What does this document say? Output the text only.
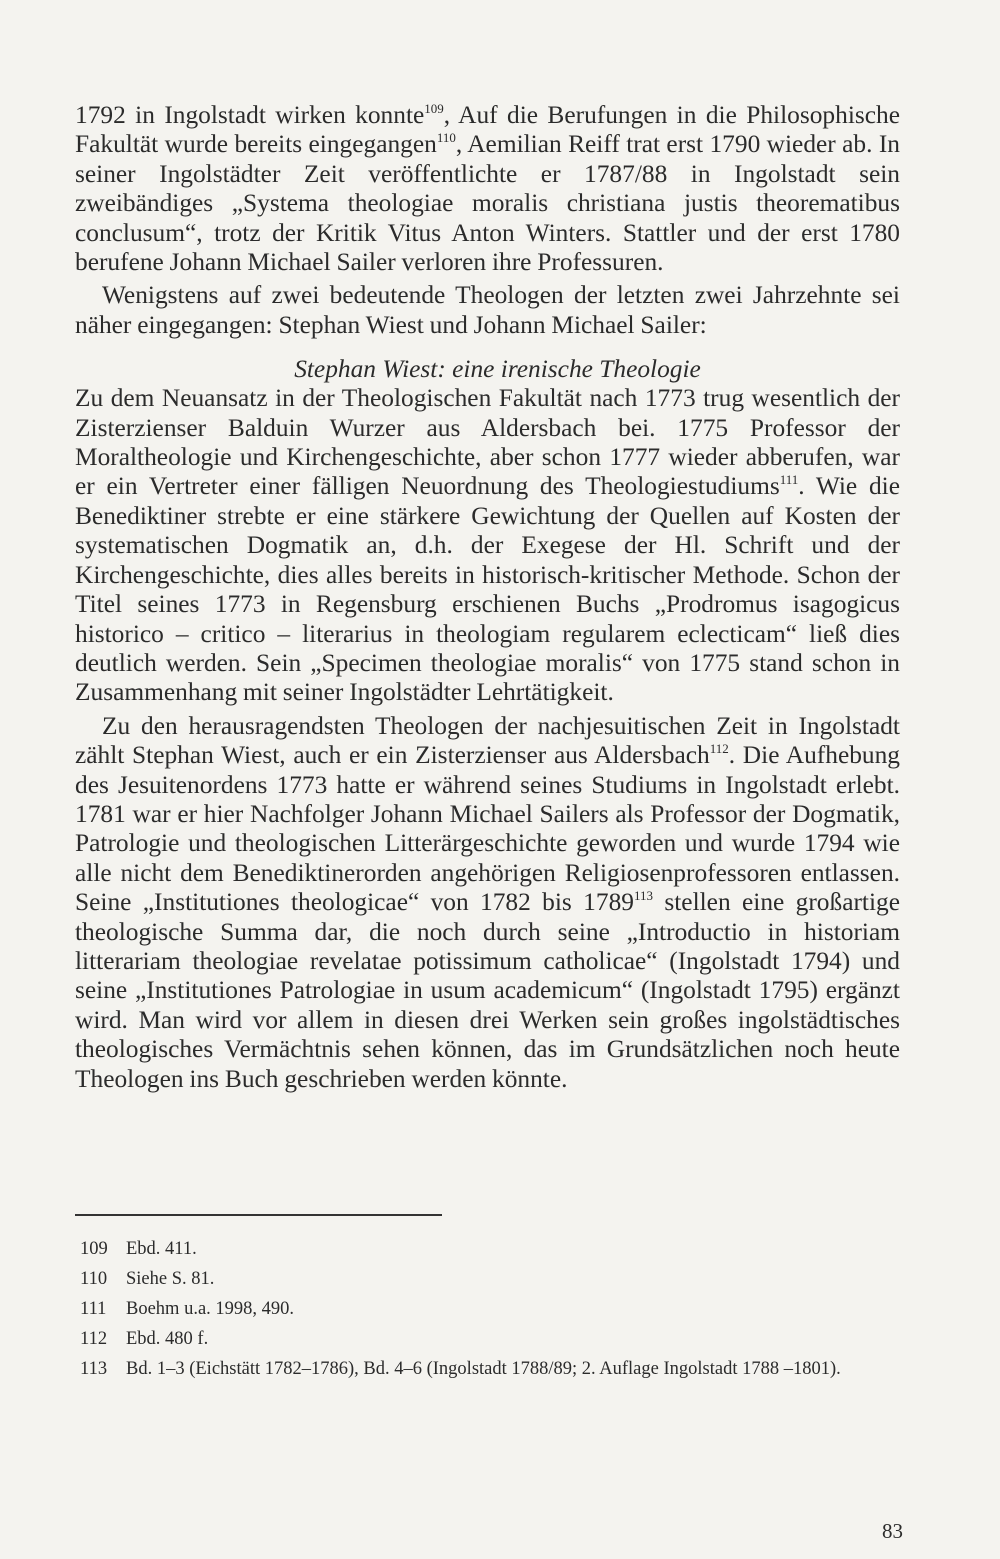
1792 in Ingolstadt wirken konnte$^{109}$, Auf die Berufungen in die Philosophische Fakultät wurde bereits eingegangen$^{110}$, Aemilian Reiff trat erst 1790 wieder ab. In seiner Ingolstädter Zeit veröffentlichte er 1787/88 in Ingolstadt sein zweibändiges „Systema theologiae moralis christiana justis theorematibus conclusum“, trotz der Kritik Vitus Anton Winters. Stattler und der erst 1780 berufene Johann Michael Sailer verloren ihre Professuren.

Wenigstens auf zwei bedeutende Theologen der letzten zwei Jahrzehnte sei näher eingegangen: Stephan Wiest und Johann Michael Sailer:

Stephan Wiest: eine irenische Theologie

Zu dem Neuansatz in der Theologischen Fakultät nach 1773 trug wesentlich der Zisterzienser Balduin Wurzer aus Aldersbach bei. 1775 Professor der Moraltheologie und Kirchengeschichte, aber schon 1777 wieder abberufen, war er ein Vertreter einer fälligen Neuordnung des Theologiestudiums$^{111}$. Wie die Benediktiner strebte er eine stärkere Gewichtung der Quellen auf Kosten der systematischen Dogmatik an, d.h. der Exegese der Hl. Schrift und der Kirchengeschichte, dies alles bereits in historisch-kritischer Methode. Schon der Titel seines 1773 in Regensburg erschienen Buchs „Prodromus isagogicus historico – critico – literarius in theologiam regularem eclecticam“ ließ dies deutlich werden. Sein „Specimen theologiae moralis“ von 1775 stand schon in Zusammenhang mit seiner Ingolstädter Lehrtätigkeit.

Zu den herausragendsten Theologen der nachjesuitischen Zeit in Ingolstadt zählt Stephan Wiest, auch er ein Zisterzienser aus Aldersbach$^{112}$. Die Aufhebung des Jesuitenordens 1773 hatte er während seines Studiums in Ingolstadt erlebt. 1781 war er hier Nachfolger Johann Michael Sailers als Professor der Dogmatik, Patrologie und theologischen Litterärgeschichte geworden und wurde 1794 wie alle nicht dem Benediktinerorden angehörigen Religiosenprofessoren entlassen. Seine „Institutiones theologicae“ von 1782 bis 1789$^{113}$ stellen eine großartige theologische Summa dar, die noch durch seine „Introductio in historiam litterariam theologiae revelatae potissimum catholicae“ (Ingolstadt 1794) und seine „Institutiones Patrologiae in usum academicum“ (Ingolstadt 1795) ergänzt wird. Man wird vor allem in diesen drei Werken sein großes ingolstädtisches theologisches Vermächtnis sehen können, das im Grundsätzlichen noch heute Theologen ins Buch geschrieben werden könnte.

109 Ebd. 411.
110	Siehe S. 81.
111	Boehm u.a. 1998, 490.
112	Ebd. 480 f.
113	Bd. 1–3 (Eichstätt 1782–1786), Bd. 4–6 (Ingolstadt 1788/89; 2. Auflage Ingolstadt 1788 –1801).
83
